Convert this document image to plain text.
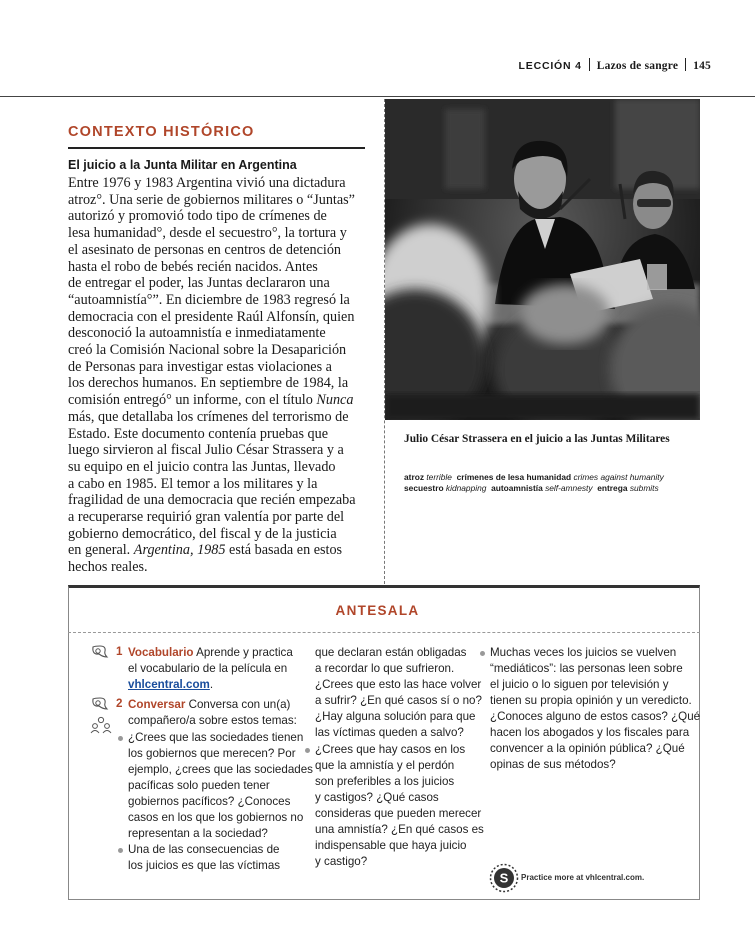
LECCIÓN 4 Lazos de sangre 145
CONTEXTO HISTÓRICO
El juicio a la Junta Militar en Argentina
Entre 1976 y 1983 Argentina vivió una dictadura
atroz°. Una serie de gobiernos militares o “Juntas”
autorizó y promovió todo tipo de crímenes de
lesa humanidad°, desde el secuestro°, la tortura y
el asesinato de personas en centros de detención
hasta el robo de bebés recién nacidos. Antes
de entregar el poder, las Juntas declararon una
“autoamnistía°”. En diciembre de 1983 regresó la
democracia con el presidente Raúl Alfonsín, quien
desconoció la autoamnistía e inmediatamente
creó la Comisión Nacional sobre la Desaparición
de Personas para investigar estas violaciones a
los derechos humanos. En septiembre de 1984, la
comisión entregó° un informe, con el título Nunca
más, que detallaba los crímenes del terrorismo de
Estado. Este documento contenía pruebas que
luego sirvieron al fiscal Julio César Strassera y a
su equipo en el juicio contra las Juntas, llevado
a cabo en 1985. El temor a los militares y la
fragilidad de una democracia que recién empezaba
a recuperarse requirió gran valentía por parte del
gobierno democrático, del fiscal y de la justicia
en general. Argentina, 1985 está basada en estos
hechos reales.
Julio César Strassera en el juicio a las Juntas Militares
atroz terrible crímenes de lesa humanidad crimes against humanity
secuestro kidnapping autoamnistía self-amnesty entrega submits
ANTESALA
1 Vocabulario Aprende y practica
el vocabulario de la película en
vhlcentral.com.
2 Conversar Conversa con un(a)
compañero/a sobre estos temas:
¿Crees que las sociedades tienen
los gobiernos que merecen? Por
ejemplo, ¿crees que las sociedades
pacíficas solo pueden tener
gobiernos pacíficos? ¿Conoces
casos en los que los gobiernos no
representan a la sociedad?
Una de las consecuencias de
los juicios es que las víctimas
que declaran están obligadas
a recordar lo que sufrieron.
¿Crees que esto las hace volver
a sufrir? ¿En qué casos sí o no?
¿Hay alguna solución para que
las víctimas queden a salvo?
¿Crees que hay casos en los
que la amnistía y el perdón
son preferibles a los juicios
y castigos? ¿Qué casos
consideras que pueden merecer
una amnistía? ¿En qué casos es
indispensable que haya juicio
y castigo?
Muchas veces los juicios se vuelven
“mediáticos”: las personas leen sobre
el juicio o lo siguen por televisión y
tienen su propia opinión y un veredicto.
¿Conoces alguno de estos casos? ¿Qué
hacen los abogados y los fiscales para
convencer a la opinión pública? ¿Qué
opinas de sus métodos?
S Practice more at vhlcentral.com.
